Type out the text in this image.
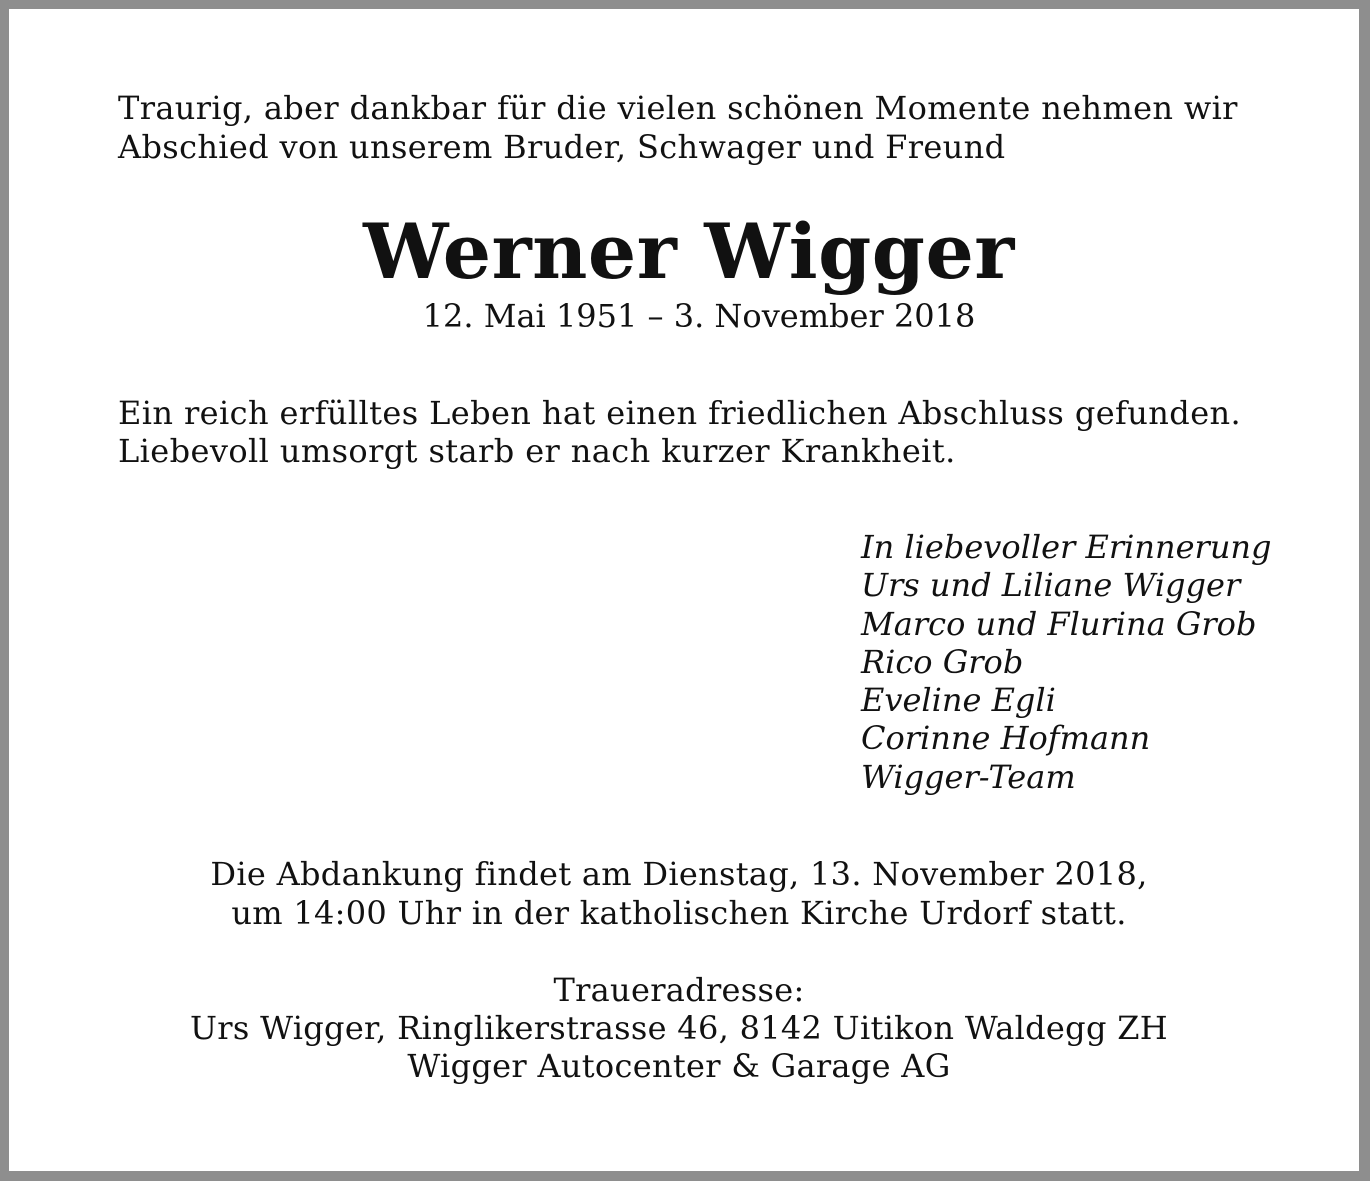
Traurig, aber dankbar für die vielen schönen Momente nehmen wir
Abschied von unserem Bruder, Schwager und Freund
Werner Wigger
12. Mai 1951 – 3. November 2018
Ein reich erfülltes Leben hat einen friedlichen Abschluss gefunden.
Liebevoll umsorgt starb er nach kurzer Krankheit.
In liebevoller Erinnerung
Urs und Liliane Wigger
Marco und Flurina Grob
Rico Grob
Eveline Egli
Corinne Hofmann
Wigger-Team
Die Abdankung findet am Dienstag, 13. November 2018,
um 14:00 Uhr in der katholischen Kirche Urdorf statt.
Traueradresse:
Urs Wigger, Ringlikerstrasse 46, 8142 Uitikon Waldegg ZH
Wigger Autocenter & Garage AG
